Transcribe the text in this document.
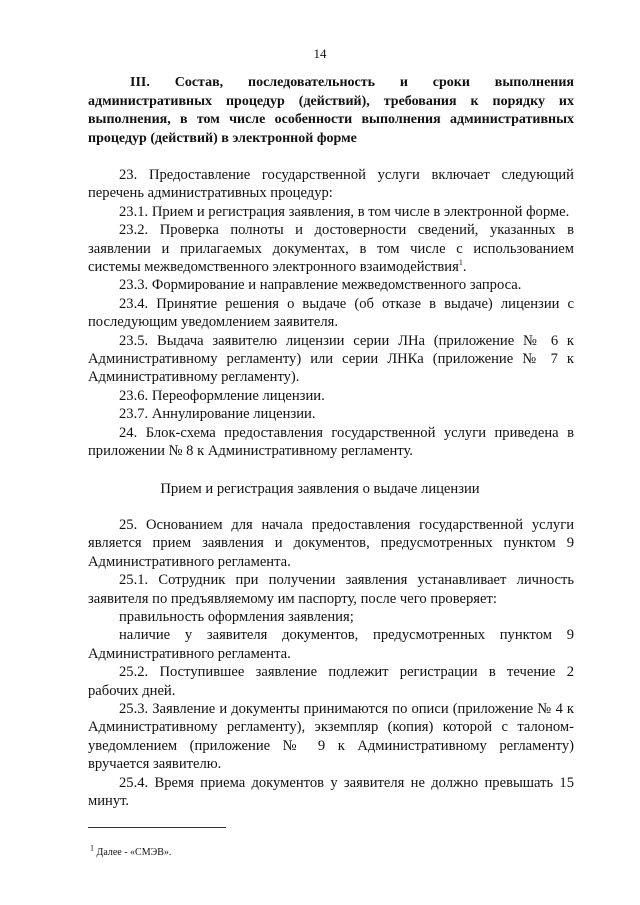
14
III. Состав, последовательность и сроки выполнения административных процедур (действий), требования к порядку их выполнения, в том числе особенности выполнения административных процедур (действий) в электронной форме

23. Предоставление государственной услуги включает следующий перечень административных процедур:

23.1. Прием и регистрация заявления, в том числе в электронной форме.

23.2. Проверка полноты и достоверности сведений, указанных в заявлении и прилагаемых документах, в том числе с использованием системы межведомственного электронного взаимодействия$^1$.

23.3. Формирование и направление межведомственного запроса.

23.4. Принятие решения о выдаче (об отказе в выдаче) лицензии с последующим уведомлением заявителя.

23.5. Выдача заявителю лицензии серии ЛНа (приложение № 6 к Административному регламенту) или серии ЛНКа (приложение № 7 к Административному регламенту).

23.6. Переоформление лицензии.

23.7. Аннулирование лицензии.

24. Блок-схема предоставления государственной услуги приведена в приложении № 8 к Административному регламенту.

Прием и регистрация заявления о выдаче лицензии

25. Основанием для начала предоставления государственной услуги является прием заявления и документов, предусмотренных пунктом 9 Административного регламента.

25.1. Сотрудник при получении заявления устанавливает личность заявителя по предъявляемому им паспорту, после чего проверяет:

правильность оформления заявления;

наличие у заявителя документов, предусмотренных пунктом 9 Административного регламента.

25.2. Поступившее заявление подлежит регистрации в течение 2 рабочих дней.

25.3. Заявление и документы принимаются по описи (приложение № 4 к Административному регламенту), экземпляр (копия) которой с талоном-уведомлением (приложение № 9 к Административному регламенту) вручается заявителю.

25.4. Время приема документов у заявителя не должно превышать 15 минут.

$^1$ Далее - «СМЭВ».
